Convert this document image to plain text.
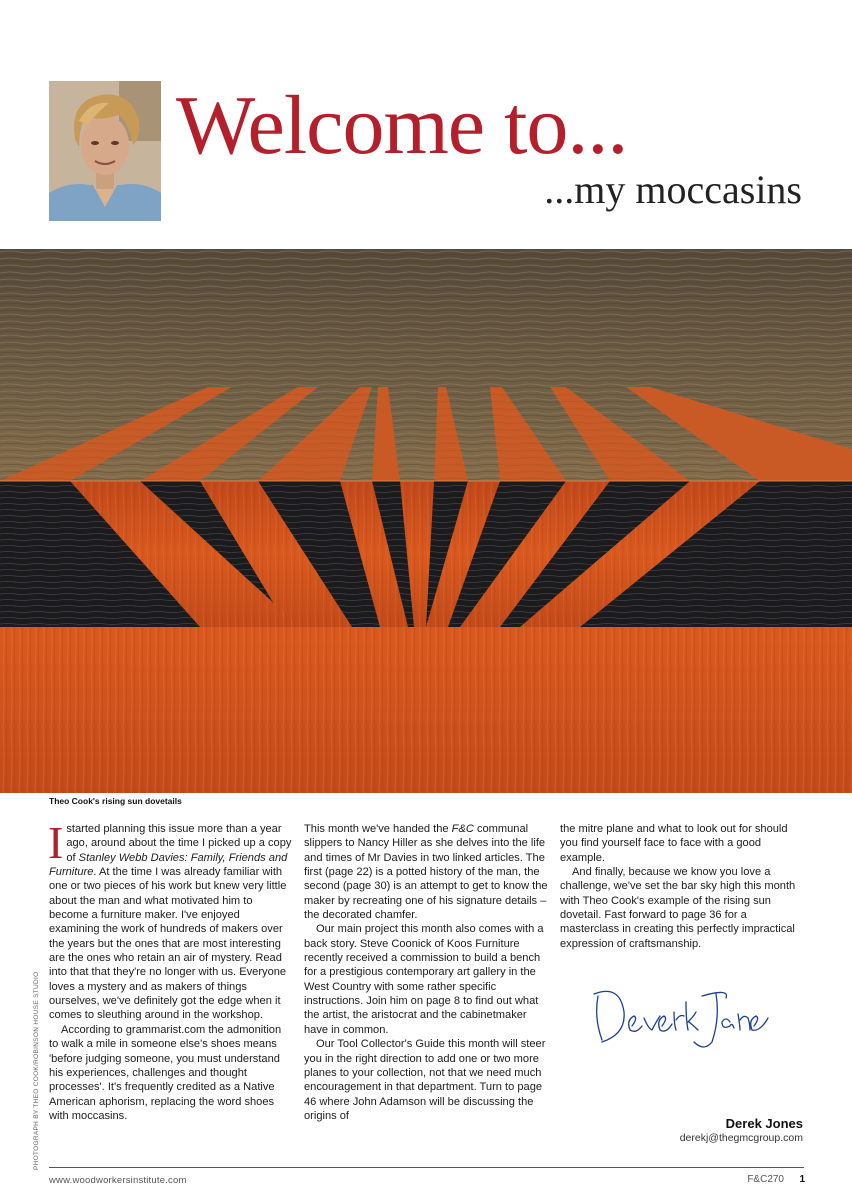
Welcome to...
...my moccasins

Theo Cook's rising sun dovetails

PHOTOGRAPH BY THEO COOK/ROBINSON HOUSE STUDIO

Istarted planning this issue more than a year ago, around about the time I picked up a copy of Stanley Webb Davies: Family, Friends and Furniture. At the time I was already familiar with one or two pieces of his work but knew very little about the man and what motivated him to become a furniture maker. I've enjoyed examining the work of hundreds of makers over the years but the ones that are most interesting are the ones who retain an air of mystery. Read into that that they're no longer with us. Everyone loves a mystery and as makers of things ourselves, we've definitely got the edge when it comes to sleuthing around in the workshop.

According to grammarist.com the admonition to walk a mile in someone else's shoes means 'before judging someone, you must understand his experiences, challenges and thought processes'. It's frequently credited as a Native American aphorism, replacing the word shoes with moccasins.

This month we've handed the F&C communal slippers to Nancy Hiller as she delves into the life and times of Mr Davies in two linked articles. The first (page 22) is a potted history of the man, the second (page 30) is an attempt to get to know the maker by recreating one of his signature details – the decorated chamfer.

Our main project this month also comes with a back story. Steve Coonick of Koos Furniture recently received a commission to build a bench for a prestigious contemporary art gallery in the West Country with some rather specific instructions. Join him on page 8 to find out what the artist, the aristocrat and the cabinetmaker have in common.

Our Tool Collector's Guide this month will steer you in the right direction to add one or two more planes to your collection, not that we need much encouragement in that department. Turn to page 46 where John Adamson will be discussing the origins of

the mitre plane and what to look out for should you find yourself face to face with a good example.

And finally, because we know you love a challenge, we've set the bar sky high this month with Theo Cook's example of the rising sun dovetail. Fast forward to page 36 for a masterclass in creating this perfectly impractical expression of craftsmanship.

Derek Jones
derekj@thegmcgroup.com
www.woodworkersinstitute.com	F&C270 1
